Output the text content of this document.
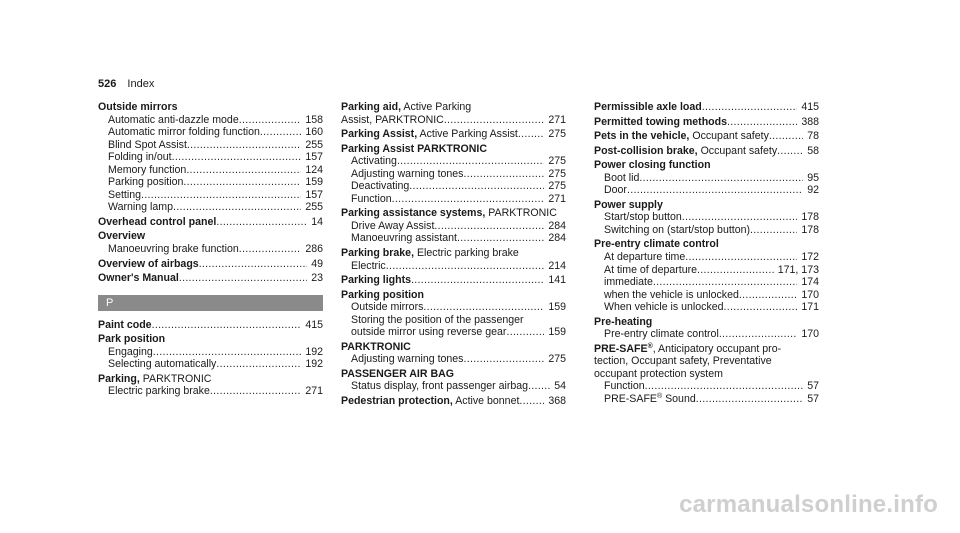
526 Index
Outside mirrors
Automatic anti-dazzle mode .....	158
Automatic mirror folding function .....	160
Blind Spot Assist .....	255
Folding in/out .....	157
Memory function .....	124
Parking position .....	159
Setting .....	157
Warning lamp .....	255
Overhead control panel .....	14
Overview
Manoeuvring brake function .....	286
Overview of airbags .....	49
Owner's Manual .....	23
P
Paint code .....	415
Park position
Engaging .....	192
Selecting automatically .....	192
Parking, PARKTRONIC
Electric parking brake .....	271
Parking aid, Active Parking
Assist, PARKTRONIC .....	271
Parking Assist, Active Parking Assist .....	275
Parking Assist PARKTRONIC
Activating .....	275
Adjusting warning tones .....	275
Deactivating .....	275
Function .....	271
Parking assistance systems, PARKTRONIC
Drive Away Assist .....	284
Manoeuvring assistant .....	284
Parking brake, Electric parking brake
Electric .....	214
Parking lights .....	141
Parking position
Outside mirrors .....	159
Storing the position of the passenger
outside mirror using reverse gear .....	159
PARKTRONIC
Adjusting warning tones .....	275
PASSENGER AIR BAG
Status display, front passenger airbag .....	54
Pedestrian protection, Active bonnet .....	368
Permissible axle load .....	415
Permitted towing methods .....	388
Pets in the vehicle, Occupant safety .....	78
Post-collision brake, Occupant safety .....	58
Power closing function
Boot lid .....	95
Door .....	92
Power supply
Start/stop button .....	178
Switching on (start/stop button) .....	178
Pre-entry climate control
At departure time .....	172
At time of departure .....	171, 173
immediate .....	174
when the vehicle is unlocked .....	170
When vehicle is unlocked .....	171
Pre-heating
Pre-entry climate control .....	170
PRE-SAFE®, Anticipatory occupant pro-
tection, Occupant safety, Preventative
occupant protection system
Function .....	57
PRE-SAFE® Sound .....	57
carmanualsonline.info
